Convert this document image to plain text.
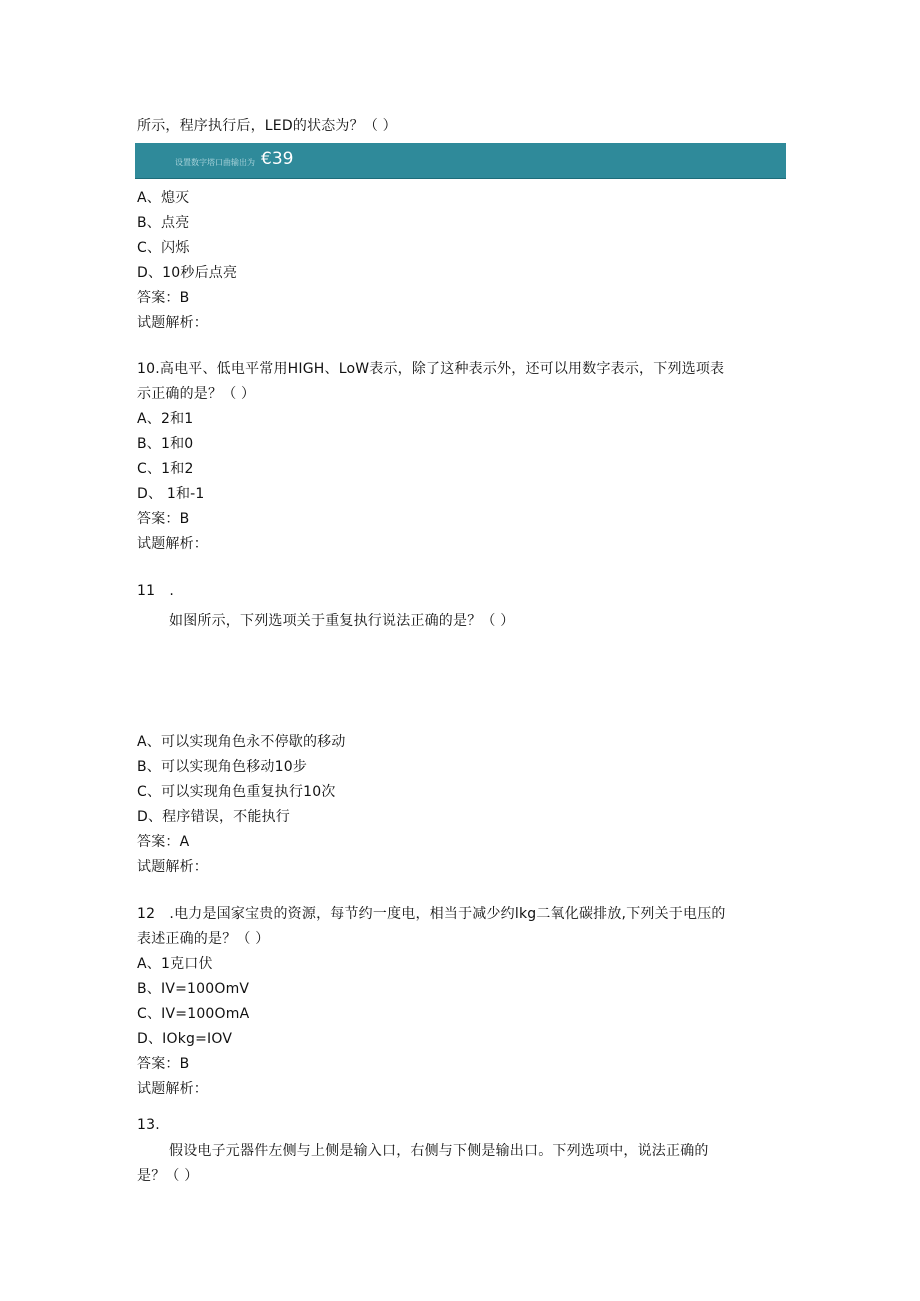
所示，程序执行后，LED的状态为？（ ）
设置数字塔口曲输出为 €39
A、熄灭
B、点亮
C、闪烁
D、10秒后点亮
答案：B
试题解析：
10.高电平、低电平常用HIGH、LoW表示，除了这种表示外，还可以用数字表示，下列选项表
示正确的是？（ ）
A、2和1
B、1和0
C、1和2
D、 1和-1
答案：B
试题解析：
11　.
如图所示，下列选项关于重复执行说法正确的是？（ ）
A、可以实现角色永不停歇的移动
B、可以实现角色移动10步
C、可以实现角色重复执行10次
D、程序错误，不能执行
答案：A
试题解析：
12　.电力是国家宝贵的资源，每节约一度电，相当于减少约lkg二氧化碳排放,下列关于电压的
表述正确的是？（ ）
A、1克口伏
B、IV=100OmV
C、IV=100OmA
D、IOkg=IOV
答案：B
试题解析：
13.
假设电子元器件左侧与上侧是输入口，右侧与下侧是输出口。下列选项中，说法正确的
是？（ ）
